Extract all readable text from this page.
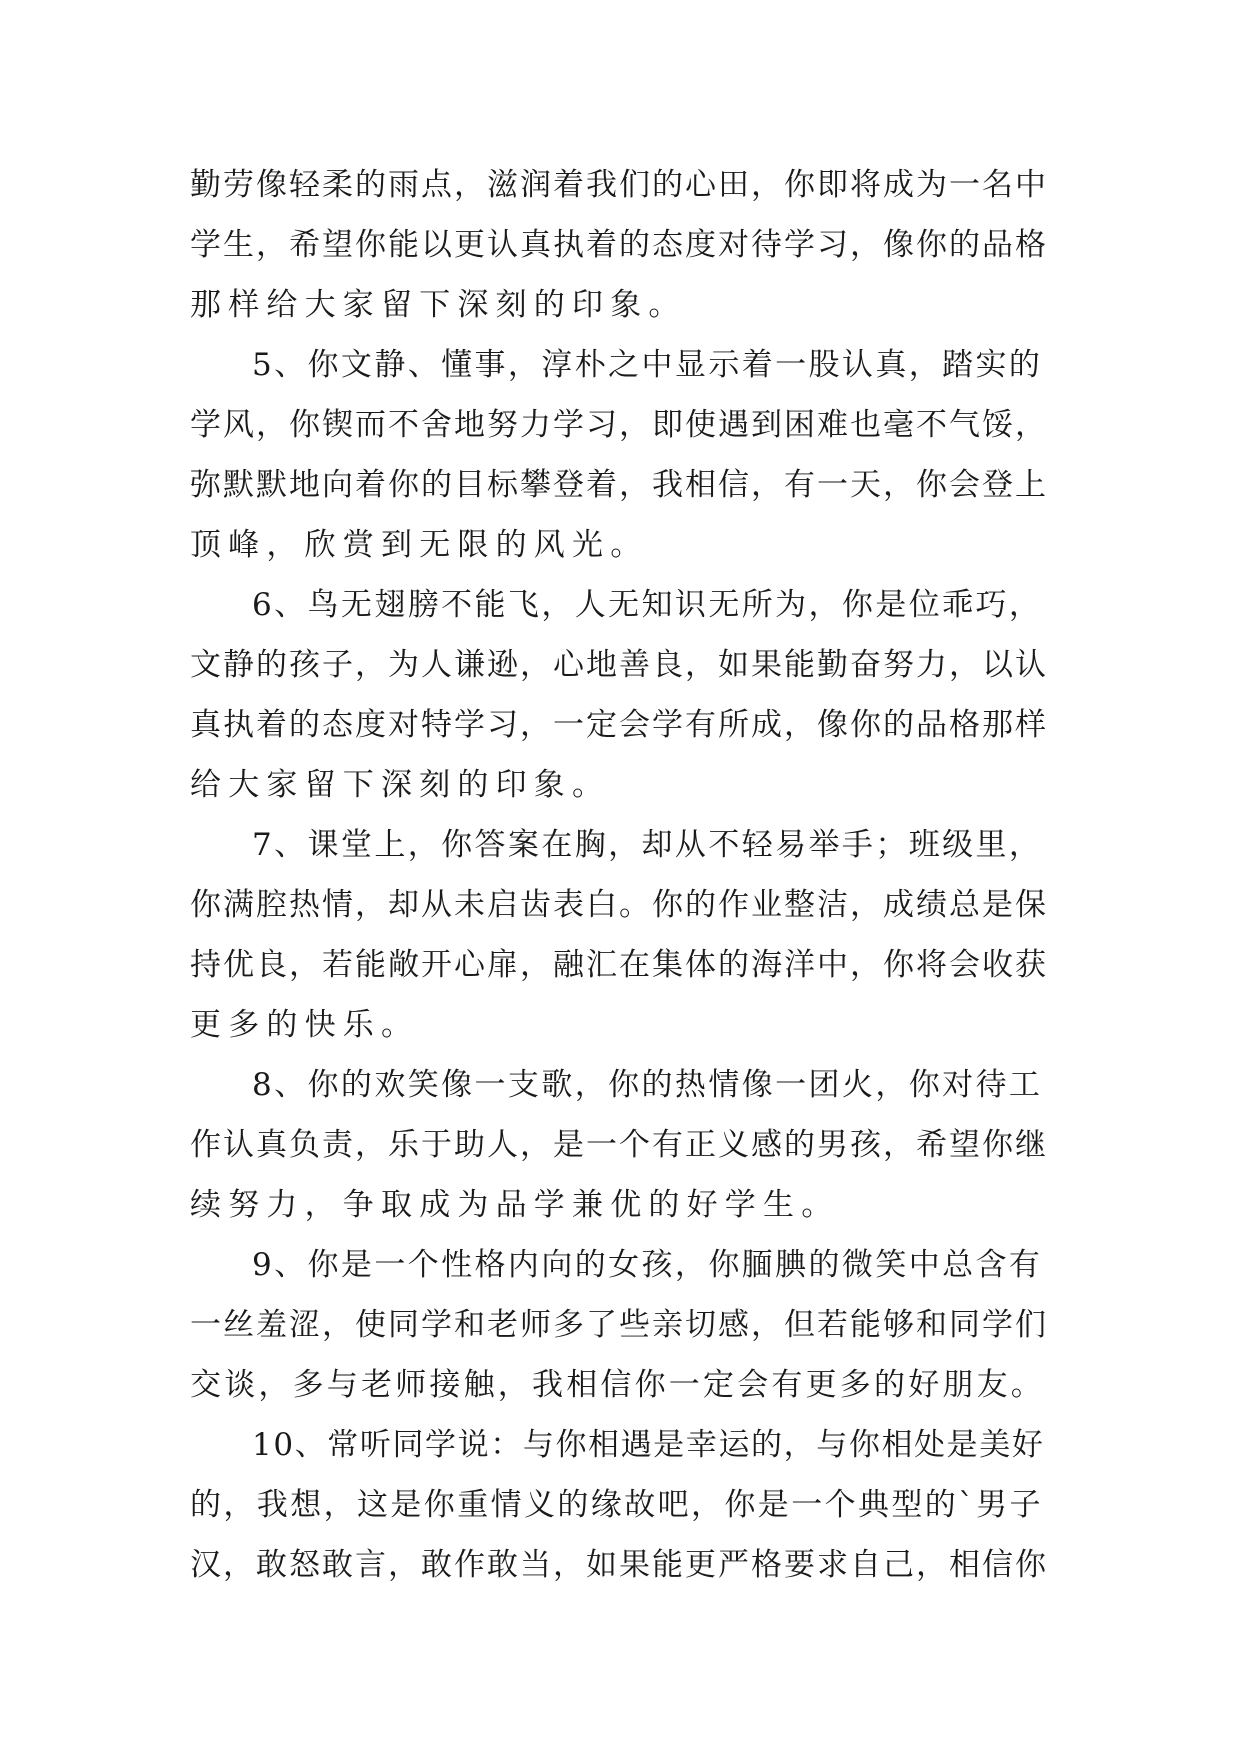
勤劳像轻柔的雨点，滋润着我们的心田，你即将成为一名中

学生，希望你能以更认真执着的态度对待学习，像你的品格

那样给大家留下深刻的印象。

5、你文静、懂事，淳朴之中显示着一股认真，踏实的

学风，你锲而不舍地努力学习，即使遇到困难也毫不气馁，

弥默默地向着你的目标攀登着，我相信，有一天，你会登上

顶峰，欣赏到无限的风光。

6、鸟无翅膀不能飞，人无知识无所为，你是位乖巧，

文静的孩子，为人谦逊，心地善良，如果能勤奋努力，以认

真执着的态度对特学习，一定会学有所成，像你的品格那样

给大家留下深刻的印象。

7、课堂上，你答案在胸，却从不轻易举手；班级里，

你满腔热情，却从未启齿表白。你的作业整洁，成绩总是保

持优良，若能敞开心扉，融汇在集体的海洋中，你将会收获

更多的快乐。

8、你的欢笑像一支歌，你的热情像一团火，你对待工

作认真负责，乐于助人，是一个有正义感的男孩，希望你继

续努力，争取成为品学兼优的好学生。

9、你是一个性格内向的女孩，你腼腆的微笑中总含有

一丝羞涩，使同学和老师多了些亲切感，但若能够和同学们

交谈，多与老师接触，我相信你一定会有更多的好朋友。

10、常听同学说：与你相遇是幸运的，与你相处是美好

的，我想，这是你重情义的缘故吧，你是一个典型的`男子

汉，敢怒敢言，敢作敢当，如果能更严格要求自己，相信你
